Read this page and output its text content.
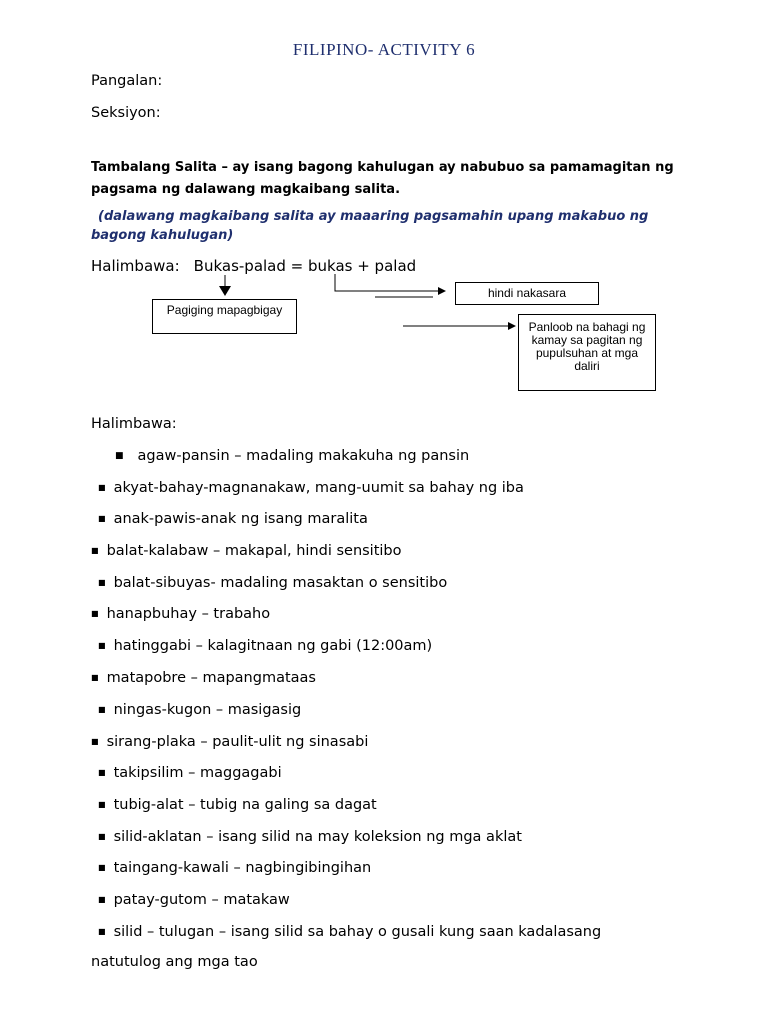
FILIPINO- ACTIVITY 6
Pangalan:
Seksiyon:
Tambalang Salita – ay isang bagong kahulugan ay nabubuo sa pamamagitan ng pagsama ng dalawang magkaibang salita.
(dalawang magkaibang salita ay maaaring pagsamahin upang makabuo ng bagong kahulugan)
Halimbawa: Bukas-palad = bukas + palad
Pagiging mapagbigay
hindi nakasara
Panloob na bahagi ng kamay sa pagitan ng pupulsuhan at mga daliri
Halimbawa:
■ agaw-pansin – madaling makakuha ng pansin
■ akyat-bahay-magnanakaw, mang-uumit sa bahay ng iba
■ anak-pawis-anak ng isang maralita
■ balat-kalabaw – makapal, hindi sensitibo
■ balat-sibuyas- madaling masaktan o sensitibo
■ hanapbuhay – trabaho
■ hatinggabi – kalagitnaan ng gabi (12:00am)
■ matapobre – mapangmataas
■ ningas-kugon – masigasig
■ sirang-plaka – paulit-ulit ng sinasabi
■ takipsilim – maggagabi
■ tubig-alat – tubig na galing sa dagat
■ silid-aklatan – isang silid na may koleksion ng mga aklat
■ taingang-kawali – nagbingibingihan
■ patay-gutom – matakaw
■ silid – tulugan – isang silid sa bahay o gusali kung saan kadalasang
natutulog ang mga tao
